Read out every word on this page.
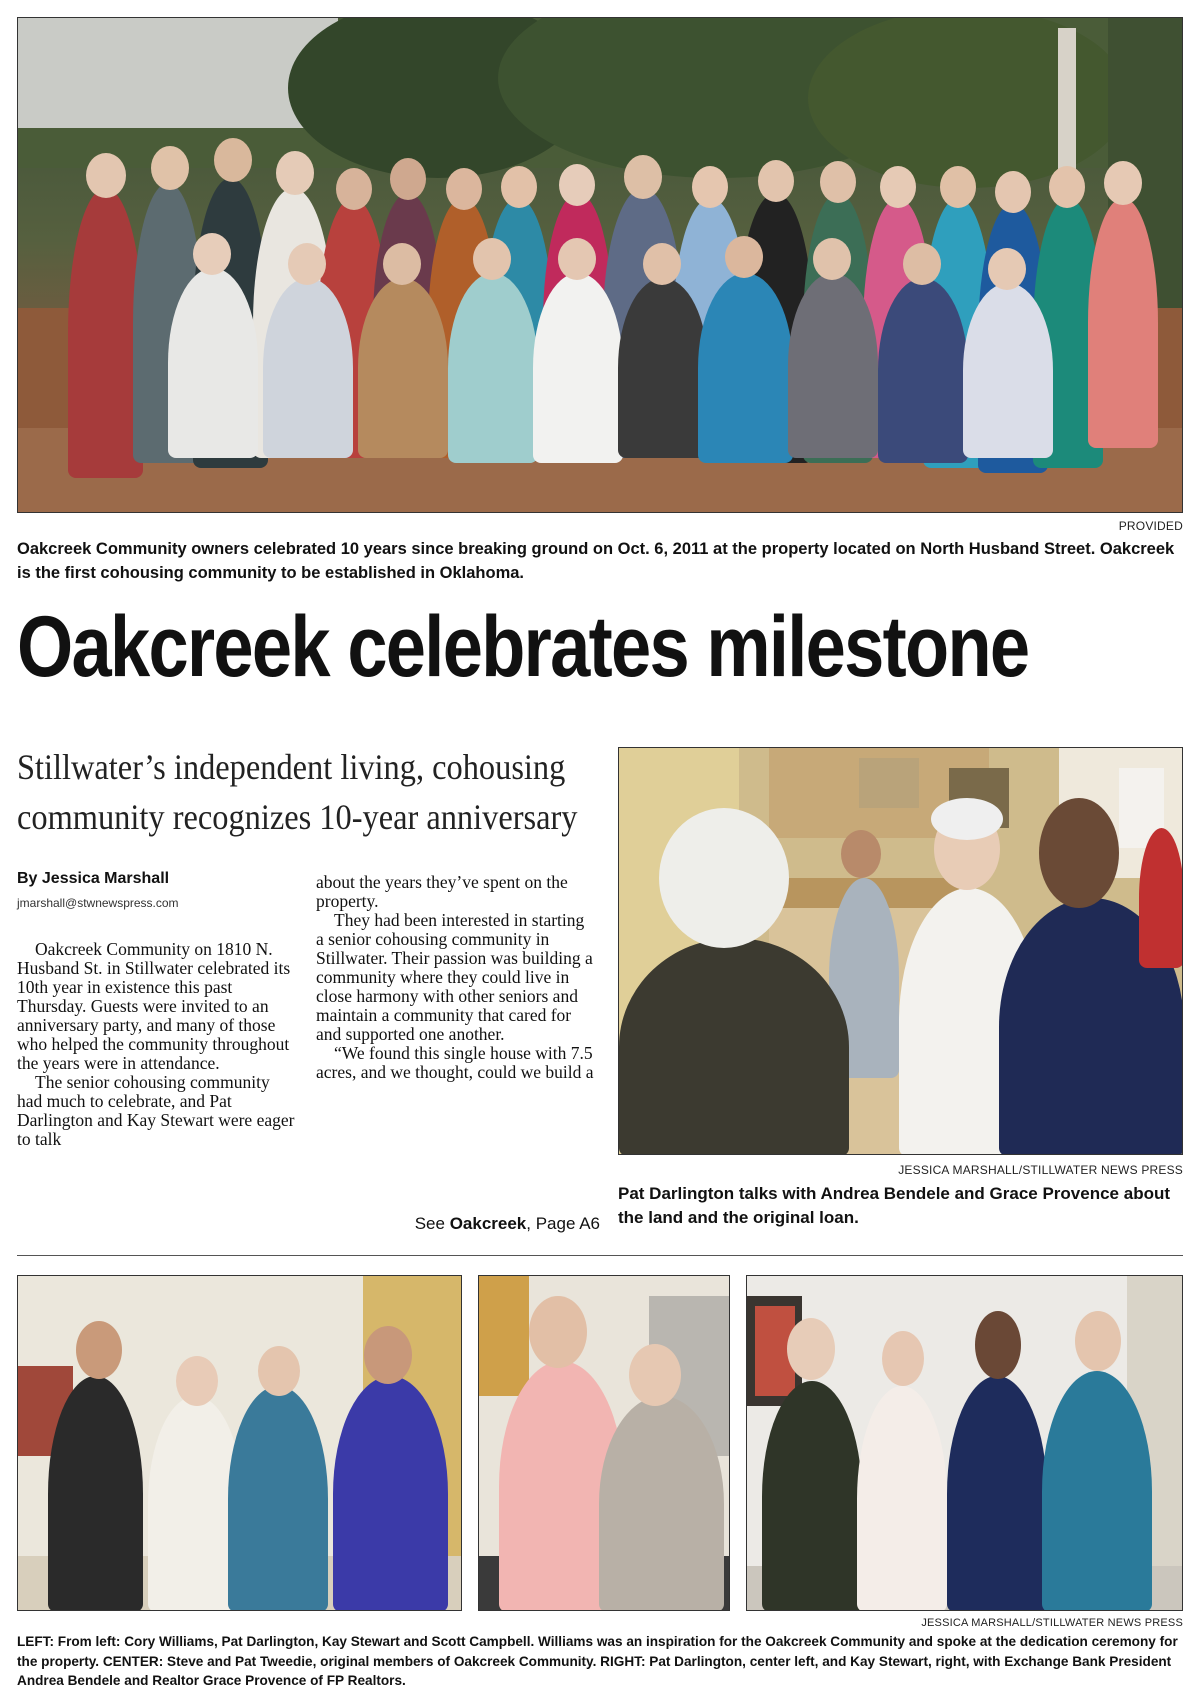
PROVIDED
Oakcreek Community owners celebrated 10 years since breaking ground on Oct. 6, 2011 at the property located on North Husband Street. Oakcreek is the first cohousing community to be established in Oklahoma.
Oakcreek celebrates milestone
Stillwater’s independent living, cohousing
community recognizes 10-year anniversary
By Jessica Marshall
jmarshall@stwnewspress.com

Oakcreek Community on 1810 N. Husband St. in Stillwater celebrated its 10th year in existence this past Thursday. Guests were invited to an anniversary party, and many of those who helped the community throughout the years were in attendance.

The senior cohousing community had much to celebrate, and Pat Darlington and Kay Stewart were eager to talk

about the years they’ve spent on the property.

They had been interested in starting a senior cohousing community in Stillwater. Their passion was building a community where they could live in close harmony with other seniors and maintain a community that cared for and supported one another.

“We found this single house with 7.5 acres, and we thought, could we build a

See Oakcreek, Page A6
JESSICA MARSHALL/STILLWATER NEWS PRESS
Pat Darlington talks with Andrea Bendele and Grace Provence about the land and the original loan.
JESSICA MARSHALL/STILLWATER NEWS PRESS
LEFT: From left: Cory Williams, Pat Darlington, Kay Stewart and Scott Campbell. Williams was an inspiration for the Oakcreek Community and spoke at the dedication ceremony for the property. CENTER: Steve and Pat Tweedie, original members of Oakcreek Community. RIGHT: Pat Darlington, center left, and Kay Stewart, right, with Exchange Bank President Andrea Bendele and Realtor Grace Provence of FP Realtors.
